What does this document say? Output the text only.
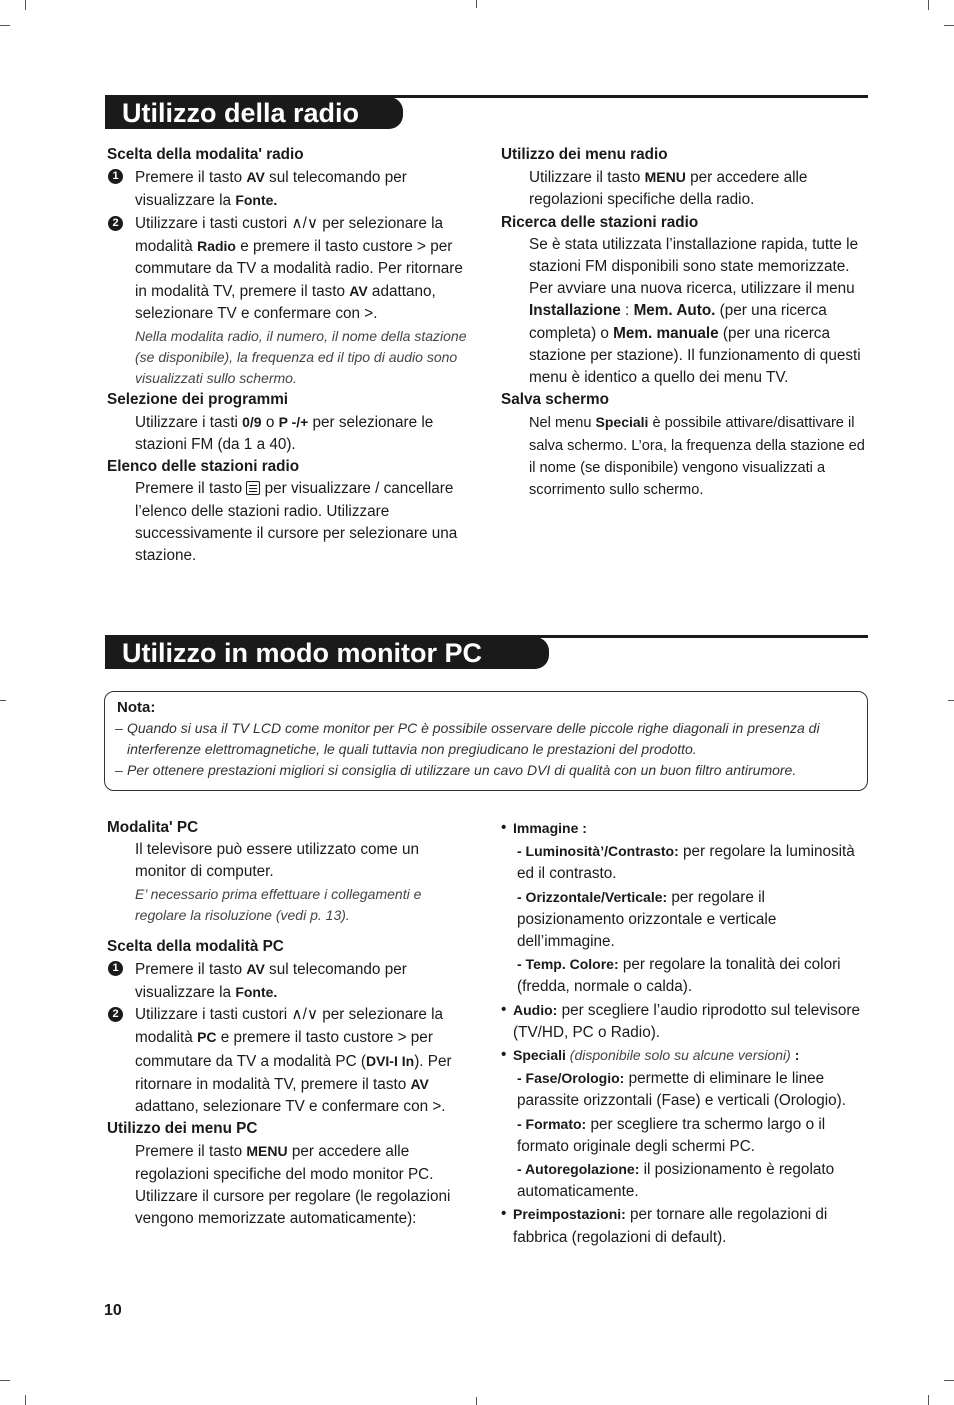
Utilizzo della radio

Scelta della modalita' radio

1 Premere il tasto AV sul telecomando per visualizzare la Fonte.
2 Utilizzare i tasti custori ∧/∨ per selezionare la modalità Radio e premere il tasto custore > per commutare da TV a modalità radio. Per ritornare in modalità TV, premere il tasto AV adattano, selezionare TV e confermare con >.

Nella modalita radio, il numero, il nome della stazione (se disponibile), la frequenza ed il tipo di audio sono visualizzati sullo schermo.

Selezione dei programmi

Utilizzare i tasti 0/9 o P -/+ per selezionare le stazioni FM (da 1 a 40).

Elenco delle stazioni radio

Premere il tasto  per visualizzare / cancellare l’elenco delle stazioni radio. Utilizzare successivamente il cursore per selezionare una stazione.

Utilizzo dei menu radio

Utilizzare il tasto MENU per accedere alle regolazioni specifiche della radio.

Ricerca delle stazioni radio

Se è stata utilizzata l’installazione rapida, tutte le stazioni FM disponibili sono state memorizzate. Per avviare una nuova ricerca, utilizzare il menu Installazione : Mem. Auto. (per una ricerca completa) o Mem. manuale (per una ricerca stazione per stazione). Il funzionamento di questi menu è identico a quello dei menu TV.

Salva schermo

Nel menu Speciali è possibile attivare/disattivare il salva schermo. L’ora, la frequenza della stazione ed il nome (se disponibile) vengono visualizzati a scorrimento sullo schermo.

Utilizzo in modo monitor PC
Nota:
– Quando si usa il TV LCD come monitor per PC è possibile osservare delle piccole righe diagonali in presenza di interferenze elettromagnetiche, le quali tuttavia non pregiudicano le prestazioni del prodotto.
– Per ottenere prestazioni migliori si consiglia di utilizzare un cavo DVI di qualità con un buon filtro antirumore.

Modalita' PC

Il televisore può essere utilizzato come un monitor di computer.

E’ necessario prima effettuare i collegamenti e regolare la risoluzione (vedi p. 13).

Scelta della modalità PC

1 Premere il tasto AV sul telecomando per visualizzare la Fonte.
2 Utilizzare i tasti custori ∧/∨ per selezionare la modalità PC e premere il tasto custore > per commutare da TV a modalità PC (DVI-I In). Per ritornare in modalità TV, premere il tasto AV adattano, selezionare TV e confermare con >.

Utilizzo dei menu PC

Premere il tasto MENU per accedere alle regolazioni specifiche del modo monitor PC. Utilizzare il cursore per regolare (le regolazioni vengono memorizzate automaticamente):

• Immagine :
- Luminosità’/Contrasto: per regolare la luminosità ed il contrasto.
- Orizzontale/Verticale: per regolare il posizionamento orizzontale e verticale dell’immagine.
- Temp. Colore: per regolare la tonalità dei colori (fredda, normale o calda).
• Audio: per scegliere l’audio riprodotto sul televisore (TV/HD, PC o Radio).
• Speciali (disponibile solo su alcune versioni) :
- Fase/Orologio: permette di eliminare le linee parassite orizzontali (Fase) e verticali (Orologio).
- Formato: per scegliere tra schermo largo o il formato originale degli schermi PC.
- Autoregolazione: il posizionamento è regolato automaticamente.
• Preimpostazioni: per tornare alle regolazioni di fabbrica (regolazioni di default).
10
